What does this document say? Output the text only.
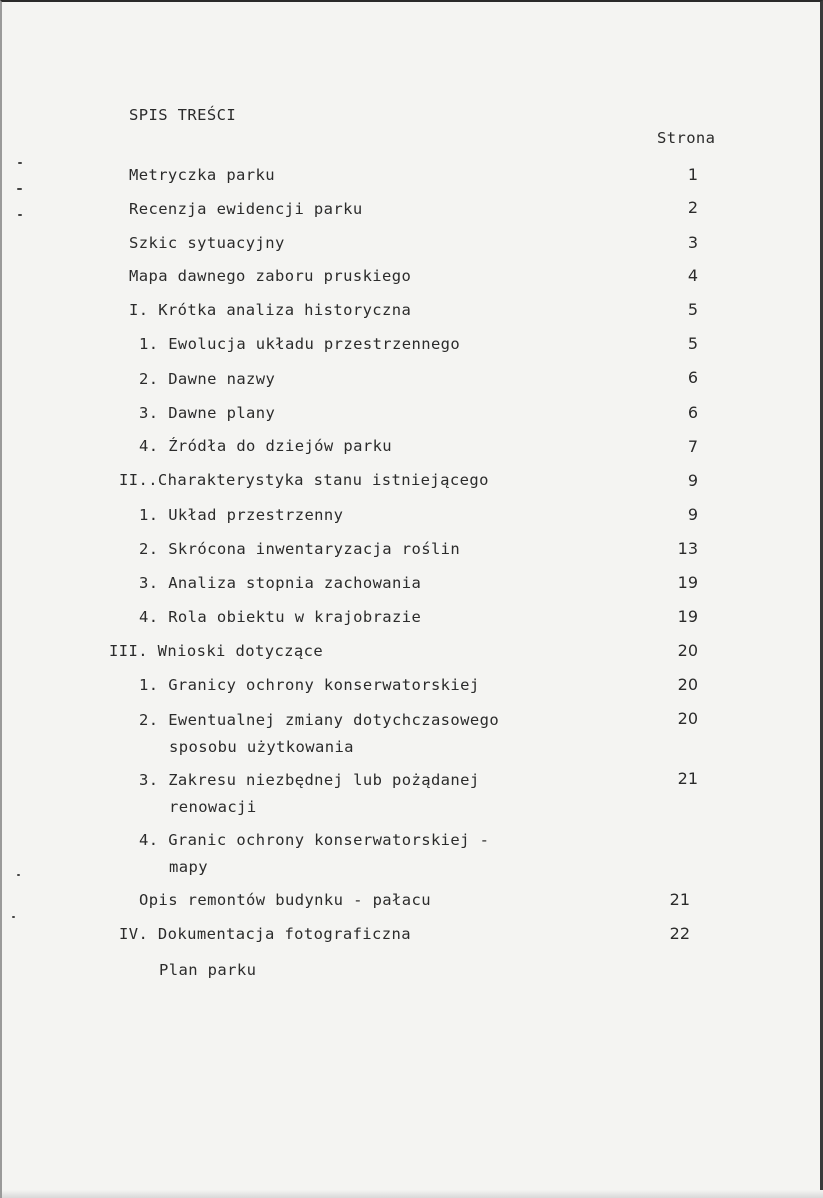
SPIS TREŚCI
Strona
Metryczka parku	1
Recenzja ewidencji parku	2
Szkic sytuacyjny	3
Mapa dawnego zaboru pruskiego	4
I. Krótka analiza historyczna	5
1. Ewolucja układu przestrzennego	5
2. Dawne nazwy	6
3. Dawne plany	6
4. Źródła do dziejów parku	7
II..Charakterystyka stanu istniejącego	9
1. Układ przestrzenny	9
2. Skrócona inwentaryzacja roślin	13
3. Analiza stopnia zachowania	19
4. Rola obiektu w krajobrazie	19
III. Wnioski dotyczące	20
1. Granicy ochrony konserwatorskiej	20
2. Ewentualnej zmiany dotychczasowego	20
sposobu użytkowania
3. Zakresu niezbędnej lub pożądanej	21
renowacji
4. Granic ochrony konserwatorskiej -
mapy
Opis remontów budynku - pałacu	21
IV. Dokumentacja fotograficzna	22
Plan parku
